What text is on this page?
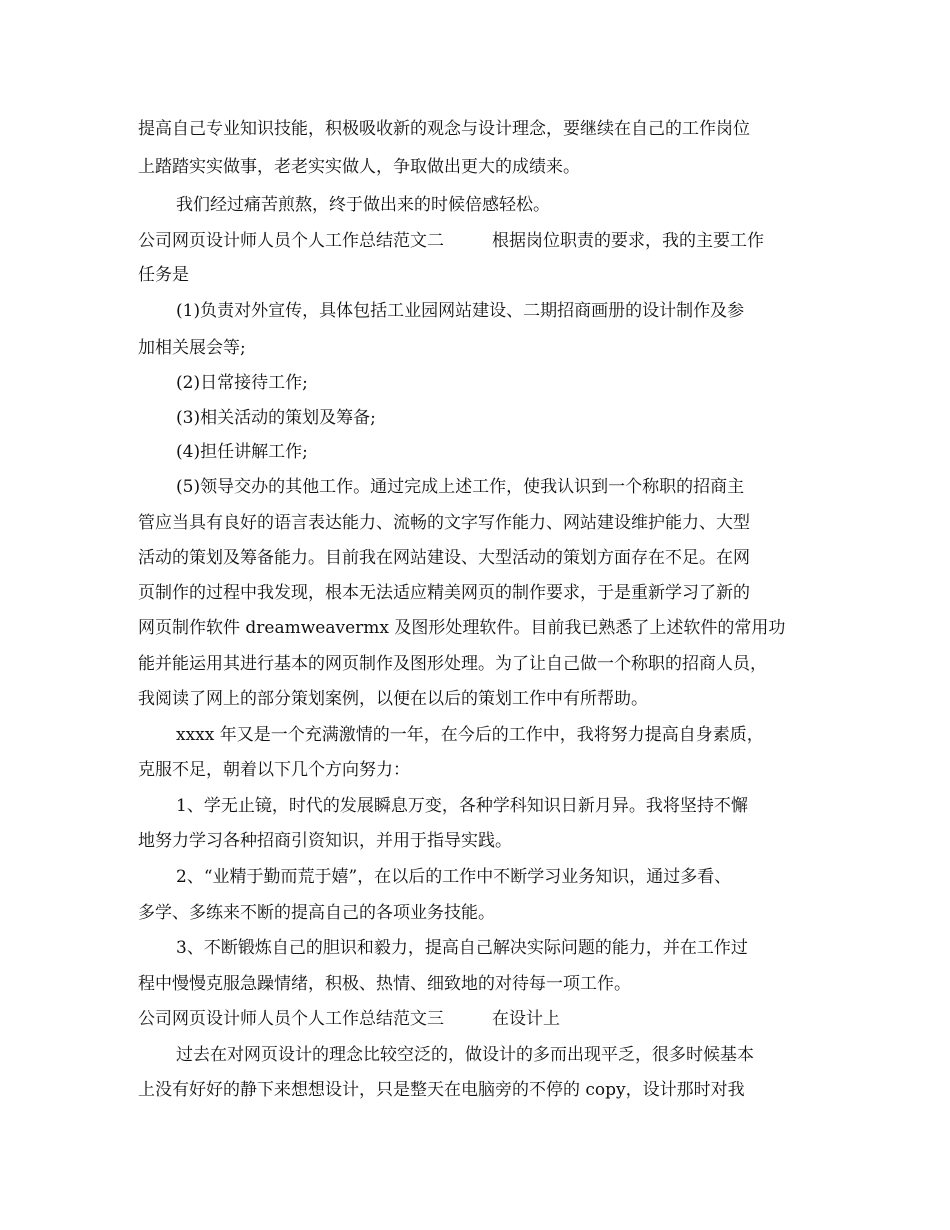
提高自己专业知识技能，积极吸收新的观念与设计理念，要继续在自己的工作岗位
上踏踏实实做事，老老实实做人，争取做出更大的成绩来。
我们经过痛苦煎熬，终于做出来的时候倍感轻松。
公司网页设计师人员个人工作总结范文二	根据岗位职责的要求，我的主要工作
任务是
(1)负责对外宣传，具体包括工业园网站建设、二期招商画册的设计制作及参
加相关展会等;
(2)日常接待工作;
(3)相关活动的策划及筹备;
(4)担任讲解工作;
(5)领导交办的其他工作。通过完成上述工作，使我认识到一个称职的招商主
管应当具有良好的语言表达能力、流畅的文字写作能力、网站建设维护能力、大型
活动的策划及筹备能力。目前我在网站建设、大型活动的策划方面存在不足。在网
页制作的过程中我发现，根本无法适应精美网页的制作要求，于是重新学习了新的
网页制作软件 dreamweavermx 及图形处理软件。目前我已熟悉了上述软件的常用功
能并能运用其进行基本的网页制作及图形处理。为了让自己做一个称职的招商人员，
我阅读了网上的部分策划案例，以便在以后的策划工作中有所帮助。
xxxx 年又是一个充满激情的一年，在今后的工作中，我将努力提高自身素质，
克服不足，朝着以下几个方向努力：
1、学无止镜，时代的发展瞬息万变，各种学科知识日新月异。我将坚持不懈
地努力学习各种招商引资知识，并用于指导实践。
2、“业精于勤而荒于嬉”，在以后的工作中不断学习业务知识，通过多看、
多学、多练来不断的提高自己的各项业务技能。
3、不断锻炼自己的胆识和毅力，提高自己解决实际问题的能力，并在工作过
程中慢慢克服急躁情绪，积极、热情、细致地的对待每一项工作。
公司网页设计师人员个人工作总结范文三	在设计上
过去在对网页设计的理念比较空泛的，做设计的多而出现平乏，很多时候基本
上没有好好的静下来想想设计，只是整天在电脑旁的不停的 copy，设计那时对我
